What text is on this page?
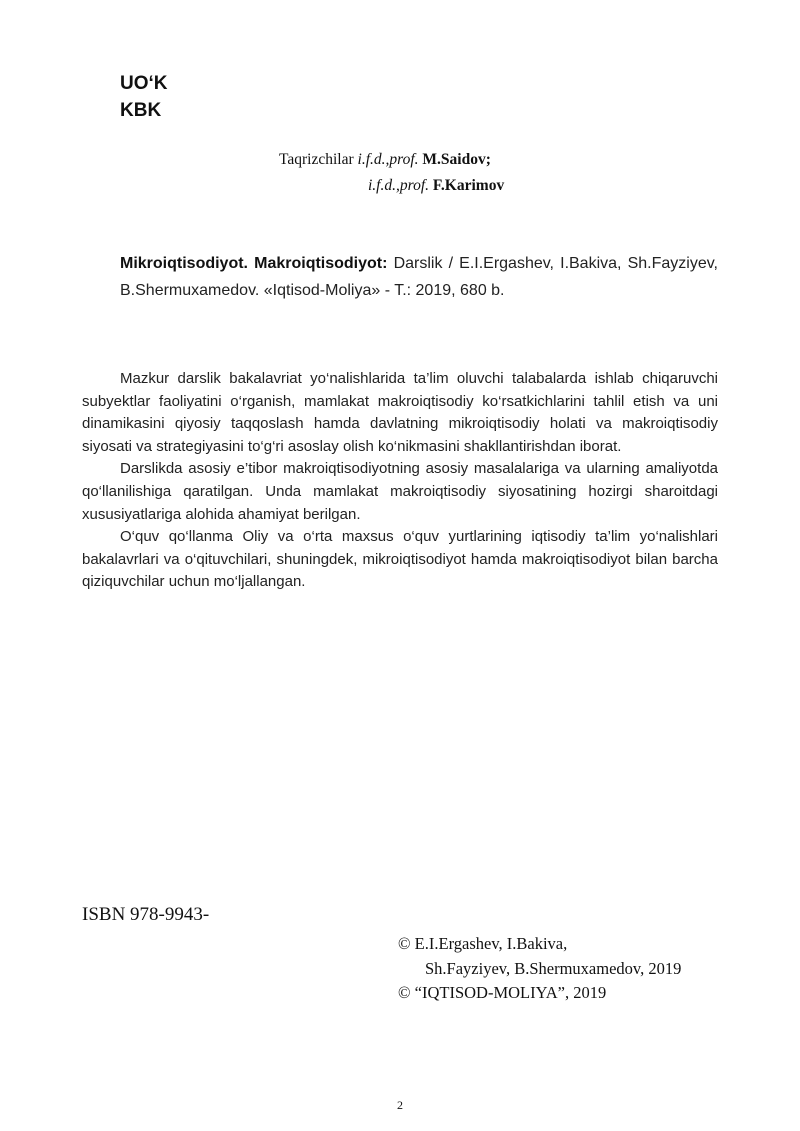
UO‘K
KBK
Taqrizchilar i.f.d.,prof. M.Saidov;
i.f.d.,prof. F.Karimov
Mikroiqtisodiyot. Makroiqtisodiyot: Darslik / E.I.Ergashev, I.Bakiva, Sh.Fayziyev, B.Shermuxamedov. «Iqtisod-Moliya» - T.: 2019, 680 b.

Mazkur darslik bakalavriat yo‘nalishlarida ta’lim oluvchi talabalarda ishlab chiqaruvchi subyektlar faoliyatini o‘rganish, mamlakat makroiqtisodiy ko‘rsatkichlarini tahlil etish va uni dinamikasini qiyosiy taqqoslash hamda davlatning mikroiqtisodiy holati va makroiqtisodiy siyosati va strategiyasini to‘g‘ri asoslay olish ko‘nikmasini shakllantirishdan iborat.

Darslikda asosiy e’tibor makroiqtisodiyotning asosiy masalalariga va ularning amaliyotda qo‘llanilishiga qaratilgan. Unda mamlakat makroiqtisodiy siyosatining hozirgi sharoitdagi xususiyatlariga alohida ahamiyat berilgan.

O‘quv qo‘llanma Oliy va o‘rta maxsus o‘quv yurtlarining iqtisodiy ta’lim yo‘nalishlari bakalavrlari va o‘qituvchilari, shuningdek, mikroiqtisodiyot hamda makroiqtisodiyot bilan barcha qiziquvchilar uchun mo‘ljallangan.

ISBN 978-9943-
© E.I.Ergashev, I.Bakiva,
Sh.Fayziyev, B.Shermuxamedov, 2019
© “IQTISOD-MOLIYA”, 2019
2
